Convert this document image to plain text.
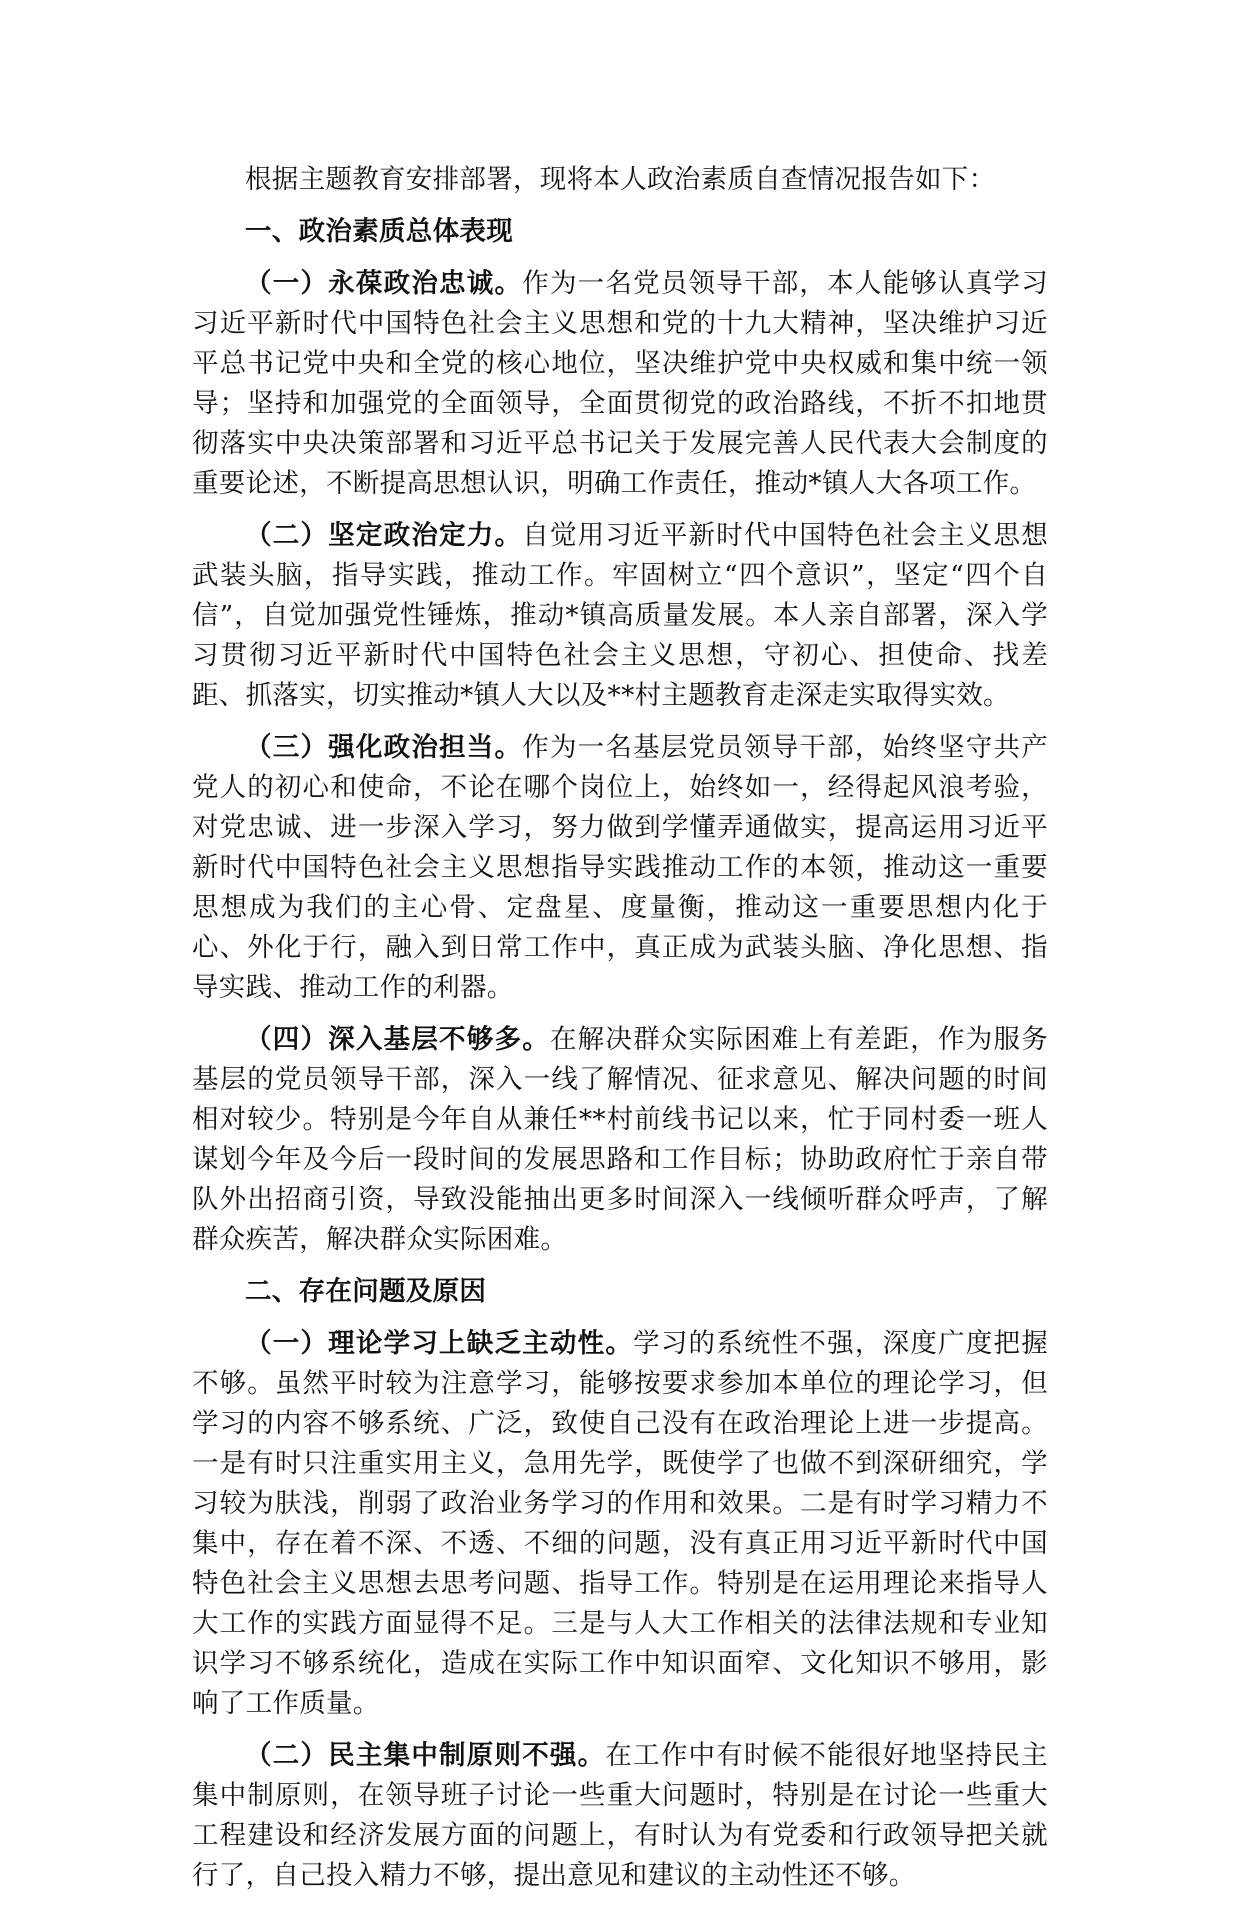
根据主题教育安排部署，现将本人政治素质自查情况报告如下：

一、政治素质总体表现

（一）永葆政治忠诚。作为一名党员领导干部，本人能够认真学习习近平新时代中国特色社会主义思想和党的十九大精神，坚决维护习近平总书记党中央和全党的核心地位，坚决维护党中央权威和集中统一领导；坚持和加强党的全面领导，全面贯彻党的政治路线，不折不扣地贯彻落实中央决策部署和习近平总书记关于发展完善人民代表大会制度的重要论述，不断提高思想认识，明确工作责任，推动*镇人大各项工作。

（二）坚定政治定力。自觉用习近平新时代中国特色社会主义思想武装头脑，指导实践，推动工作。牢固树立“四个意识”，坚定“四个自信”，自觉加强党性锤炼，推动*镇高质量发展。本人亲自部署，深入学习贯彻习近平新时代中国特色社会主义思想，守初心、担使命、找差距、抓落实，切实推动*镇人大以及**村主题教育走深走实取得实效。

（三）强化政治担当。作为一名基层党员领导干部，始终坚守共产党人的初心和使命，不论在哪个岗位上，始终如一，经得起风浪考验，对党忠诚、进一步深入学习，努力做到学懂弄通做实，提高运用习近平新时代中国特色社会主义思想指导实践推动工作的本领，推动这一重要思想成为我们的主心骨、定盘星、度量衡，推动这一重要思想内化于心、外化于行，融入到日常工作中，真正成为武装头脑、净化思想、指导实践、推动工作的利器。

（四）深入基层不够多。在解决群众实际困难上有差距，作为服务基层的党员领导干部，深入一线了解情况、征求意见、解决问题的时间相对较少。特别是今年自从兼任**村前线书记以来，忙于同村委一班人谋划今年及今后一段时间的发展思路和工作目标；协助政府忙于亲自带队外出招商引资，导致没能抽出更多时间深入一线倾听群众呼声，了解群众疾苦，解决群众实际困难。

二、存在问题及原因

（一）理论学习上缺乏主动性。学习的系统性不强，深度广度把握不够。虽然平时较为注意学习，能够按要求参加本单位的理论学习，但学习的内容不够系统、广泛，致使自己没有在政治理论上进一步提高。一是有时只注重实用主义，急用先学，既使学了也做不到深研细究，学习较为肤浅，削弱了政治业务学习的作用和效果。二是有时学习精力不集中，存在着不深、不透、不细的问题，没有真正用习近平新时代中国特色社会主义思想去思考问题、指导工作。特别是在运用理论来指导人大工作的实践方面显得不足。三是与人大工作相关的法律法规和专业知识学习不够系统化，造成在实际工作中知识面窄、文化知识不够用，影响了工作质量。

（二）民主集中制原则不强。在工作中有时候不能很好地坚持民主集中制原则，在领导班子讨论一些重大问题时，特别是在讨论一些重大工程建设和经济发展方面的问题上，有时认为有党委和行政领导把关就行了，自己投入精力不够，提出意见和建议的主动性还不够。
